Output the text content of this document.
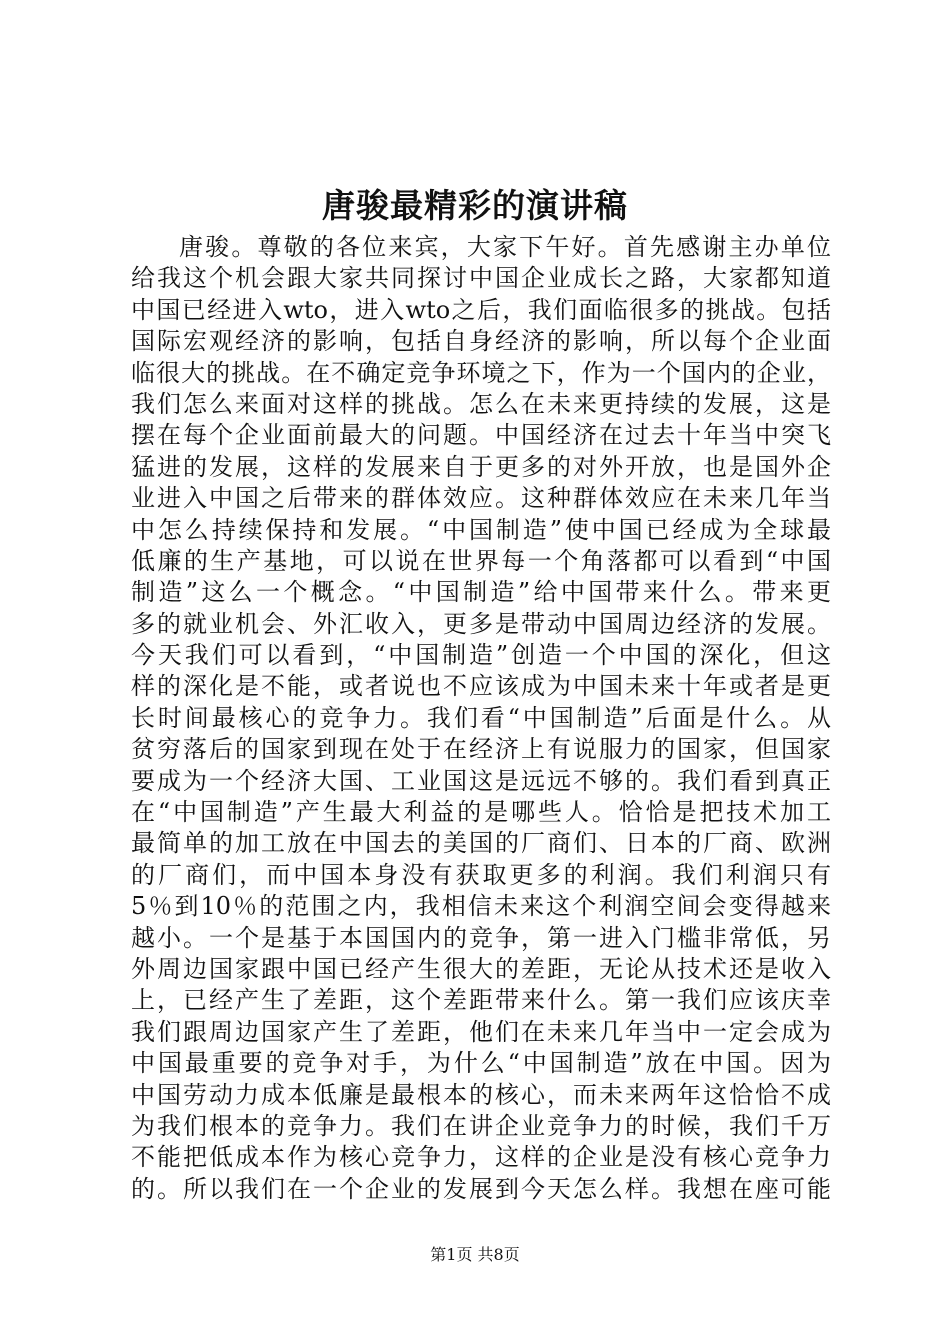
唐骏最精彩的演讲稿
唐骏。尊敬的各位来宾，大家下午好。首先感谢主办单位
给我这个机会跟大家共同探讨中国企业成长之路，大家都知道
中国已经进入wto，进入wto之后，我们面临很多的挑战。包括
国际宏观经济的影响，包括自身经济的影响，所以每个企业面
临很大的挑战。在不确定竞争环境之下，作为一个国内的企业，
我们怎么来面对这样的挑战。怎么在未来更持续的发展，这是
摆在每个企业面前最大的问题。中国经济在过去十年当中突飞
猛进的发展，这样的发展来自于更多的对外开放，也是国外企
业进入中国之后带来的群体效应。这种群体效应在未来几年当
中怎么持续保持和发展。“中国制造”使中国已经成为全球最
低廉的生产基地，可以说在世界每一个角落都可以看到“中国
制造”这么一个概念。“中国制造”给中国带来什么。带来更
多的就业机会、外汇收入，更多是带动中国周边经济的发展。
今天我们可以看到，“中国制造”创造一个中国的深化，但这
样的深化是不能，或者说也不应该成为中国未来十年或者是更
长时间最核心的竞争力。我们看“中国制造”后面是什么。从
贫穷落后的国家到现在处于在经济上有说服力的国家，但国家
要成为一个经济大国、工业国这是远远不够的。我们看到真正
在“中国制造”产生最大利益的是哪些人。恰恰是把技术加工
最简单的加工放在中国去的美国的厂商们、日本的厂商、欧洲
的厂商们，而中国本身没有获取更多的利润。我们利润只有
5％到10％的范围之内，我相信未来这个利润空间会变得越来
越小。一个是基于本国国内的竞争，第一进入门槛非常低，另
外周边国家跟中国已经产生很大的差距，无论从技术还是收入
上，已经产生了差距，这个差距带来什么。第一我们应该庆幸
我们跟周边国家产生了差距，他们在未来几年当中一定会成为
中国最重要的竞争对手，为什么“中国制造”放在中国。因为
中国劳动力成本低廉是最根本的核心，而未来两年这恰恰不成
为我们根本的竞争力。我们在讲企业竞争力的时候，我们千万
不能把低成本作为核心竞争力，这样的企业是没有核心竞争力
的。所以我们在一个企业的发展到今天怎么样。我想在座可能
第1页 共8页
